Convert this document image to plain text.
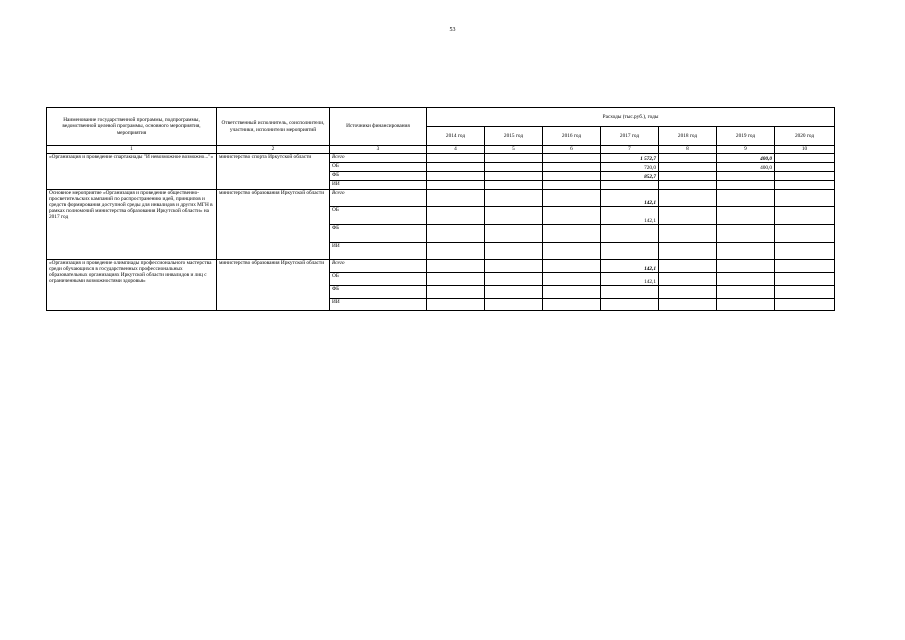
53
Наименование государственной программы, подпрограммы, ведомственной целевой программы, основного мероприятия, мероприятия	Ответственный исполнитель, соисполнители, участники, исполнители мероприятий	Источники финансирования	Расходы (тыс.руб.), годы						
			2014 год	2015 год	2016 год	2017 год	2018 год	2019 год	2020 год
1	2	3	4	5	6	7	8	9	10
«Организация и проведение спартакиады "И невозможное возможно..."»	министерство спорта Иркутской области	Всего				1 572,7		400,0	
		ОБ				720,0		400,0	
		ФБ				852,7			
		ИИ							
Основное мероприятие «Организация и проведение общественно-просветительских кампаний по распространению идей, принципов и средств формирования доступной среды для инвалидов и других МГН в рамках полномочий министерства образования Иркутской области» на 2017 год	министерство образования Иркутской области	Всего				142,1			
		ОБ				142,1			
		ФБ							
		ИИ							
«Организация и проведение олимпиады профессионального мастерства среди обучающихся в государственных профессиональных образовательных организациях Иркутской области инвалидов и лиц с ограниченными возможностями здоровья»	министерство образования Иркутской области	Всего				142,1			
		ОБ				142,1			
		ФБ							
		ИИ							
